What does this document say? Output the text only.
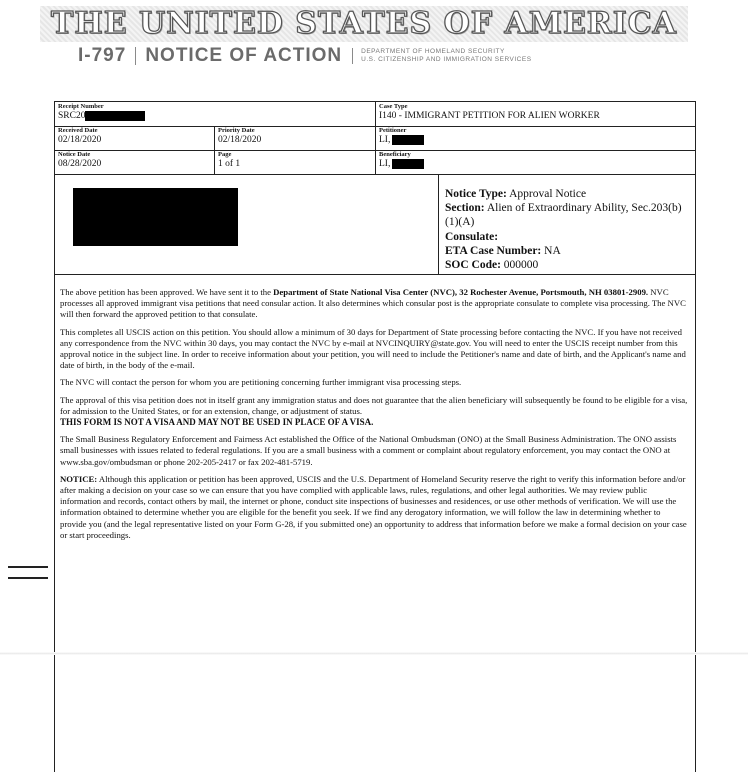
THE UNITED STATES OF AMERICA
I-797 NOTICE OF ACTION	DEPARTMENT OF HOMELAND SECURITY
U.S. CITIZENSHIP AND IMMIGRATION SERVICES
Receipt Number
SRC20
Case Type
I140 - IMMIGRANT PETITION FOR ALIEN WORKER
Received Date
02/18/2020
Priority Date
02/18/2020
Petitioner
LI,
Notice Date
08/28/2020
Page
1 of 1
Beneficiary
LI,
Notice Type: Approval Notice
Section: Alien of Extraordinary Ability, Sec.203(b)(1)(A)
Consulate:
ETA Case Number: NA
SOC Code: 000000

The above petition has been approved. We have sent it to the Department of State National Visa Center (NVC), 32 Rochester Avenue, Portsmouth, NH 03801-2909. NVC processes all approved immigrant visa petitions that need consular action. It also determines which consular post is the appropriate consulate to complete visa processing. The NVC will then forward the approved petition to that consulate.

This completes all USCIS action on this petition. You should allow a minimum of 30 days for Department of State processing before contacting the NVC. If you have not received any correspondence from the NVC within 30 days, you may contact the NVC by e-mail at NVCINQUIRY@state.gov. You will need to enter the USCIS receipt number from this approval notice in the subject line. In order to receive information about your petition, you will need to include the Petitioner's name and date of birth, and the Applicant's name and date of birth, in the body of the e-mail.

The NVC will contact the person for whom you are petitioning concerning further immigrant visa processing steps.

The approval of this visa petition does not in itself grant any immigration status and does not guarantee that the alien beneficiary will subsequently be found to be eligible for a visa, for admission to the United States, or for an extension, change, or adjustment of status.
THIS FORM IS NOT A VISA AND MAY NOT BE USED IN PLACE OF A VISA.

The Small Business Regulatory Enforcement and Fairness Act established the Office of the National Ombudsman (ONO) at the Small Business Administration. The ONO assists small businesses with issues related to federal regulations. If you are a small business with a comment or complaint about regulatory enforcement, you may contact the ONO at www.sba.gov/ombudsman or phone 202-205-2417 or fax 202-481-5719.

NOTICE: Although this application or petition has been approved, USCIS and the U.S. Department of Homeland Security reserve the right to verify this information before and/or after making a decision on your case so we can ensure that you have complied with applicable laws, rules, regulations, and other legal authorities. We may review public information and records, contact others by mail, the internet or phone, conduct site inspections of businesses and residences, or use other methods of verification. We will use the information obtained to determine whether you are eligible for the benefit you seek. If we find any derogatory information, we will follow the law in determining whether to provide you (and the legal representative listed on your Form G-28, if you submitted one) an opportunity to address that information before we make a formal decision on your case or start proceedings.
